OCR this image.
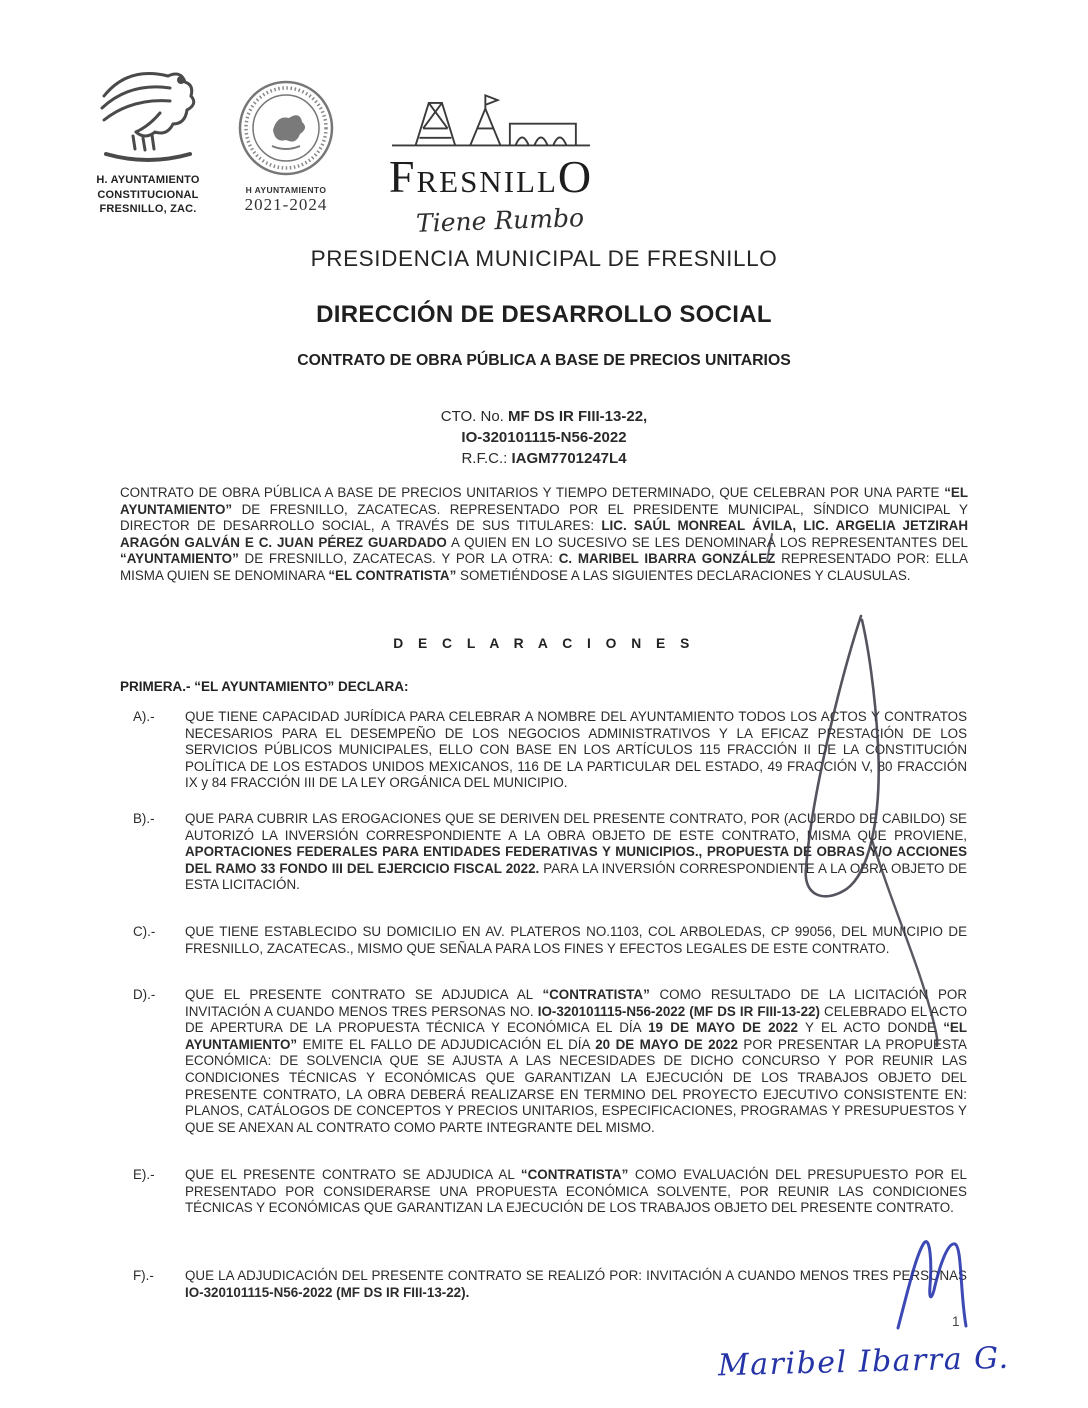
H. AYUNTAMIENTO
CONSTITUCIONAL
FRESNILLO, ZAC.
H AYUNTAMIENTO
2021-2024
FRESNILLO
Tiene Rumbo
PRESIDENCIA MUNICIPAL DE FRESNILLO
DIRECCIÓN DE DESARROLLO SOCIAL
CONTRATO DE OBRA PÚBLICA A BASE DE PRECIOS UNITARIOS
CTO. No. MF DS IR FIII-13-22,
IO-320101115-N56-2022
R.F.C.: IAGM7701247L4
CONTRATO DE OBRA PÚBLICA A BASE DE PRECIOS UNITARIOS Y TIEMPO DETERMINADO, QUE CELEBRAN POR UNA PARTE “EL AYUNTAMIENTO” DE FRESNILLO, ZACATECAS. REPRESENTADO POR EL PRESIDENTE MUNICIPAL, SÍNDICO MUNICIPAL Y DIRECTOR DE DESARROLLO SOCIAL, A TRAVÉS DE SUS TITULARES: LIC. SAÚL MONREAL ÁVILA, LIC. ARGELIA JETZIRAH ARAGÓN GALVÁN E C. JUAN PÉREZ GUARDADO A QUIEN EN LO SUCESIVO SE LES DENOMINARA LOS REPRESENTANTES DEL “AYUNTAMIENTO” DE FRESNILLO, ZACATECAS. Y POR LA OTRA: C. MARIBEL IBARRA GONZÁLEZ REPRESENTADO POR: ELLA MISMA QUIEN SE DENOMINARA “EL CONTRATISTA” SOMETIÉNDOSE A LAS SIGUIENTES DECLARACIONES Y CLAUSULAS.
D E C L A R A C I O N E S
PRIMERA.- “EL AYUNTAMIENTO” DECLARA:
A).-	QUE TIENE CAPACIDAD JURÍDICA PARA CELEBRAR A NOMBRE DEL AYUNTAMIENTO TODOS LOS ACTOS Y CONTRATOS NECESARIOS PARA EL DESEMPEÑO DE LOS NEGOCIOS ADMINISTRATIVOS Y LA EFICAZ PRESTACIÓN DE LOS SERVICIOS PÚBLICOS MUNICIPALES, ELLO CON BASE EN LOS ARTÍCULOS 115 FRACCIÓN II DE LA CONSTITUCIÓN POLÍTICA DE LOS ESTADOS UNIDOS MEXICANOS, 116 DE LA PARTICULAR DEL ESTADO, 49 FRACCIÓN V, 80 FRACCIÓN IX y 84 FRACCIÓN III DE LA LEY ORGÁNICA DEL MUNICIPIO.
B).-	QUE PARA CUBRIR LAS EROGACIONES QUE SE DERIVEN DEL PRESENTE CONTRATO, POR (ACUERDO DE CABILDO) SE AUTORIZÓ LA INVERSIÓN CORRESPONDIENTE A LA OBRA OBJETO DE ESTE CONTRATO, MISMA QUE PROVIENE, APORTACIONES FEDERALES PARA ENTIDADES FEDERATIVAS Y MUNICIPIOS., PROPUESTA DE OBRAS Y/O ACCIONES DEL RAMO 33 FONDO III DEL EJERCICIO FISCAL 2022. PARA LA INVERSIÓN CORRESPONDIENTE A LA OBRA OBJETO DE ESTA LICITACIÓN.
C).-	QUE TIENE ESTABLECIDO SU DOMICILIO EN AV. PLATEROS NO.1103, COL ARBOLEDAS, CP 99056, DEL MUNICIPIO DE FRESNILLO, ZACATECAS., MISMO QUE SEÑALA PARA LOS FINES Y EFECTOS LEGALES DE ESTE CONTRATO.
D).-	QUE EL PRESENTE CONTRATO SE ADJUDICA AL “CONTRATISTA” COMO RESULTADO DE LA LICITACIÓN POR INVITACIÓN A CUANDO MENOS TRES PERSONAS NO. IO-320101115-N56-2022 (MF DS IR FIII-13-22) CELEBRADO EL ACTO DE APERTURA DE LA PROPUESTA TÉCNICA Y ECONÓMICA EL DÍA 19 DE MAYO DE 2022 Y EL ACTO DONDE “EL AYUNTAMIENTO” EMITE EL FALLO DE ADJUDICACIÓN EL DÍA 20 DE MAYO DE 2022 POR PRESENTAR LA PROPUESTA ECONÓMICA: DE SOLVENCIA QUE SE AJUSTA A LAS NECESIDADES DE DICHO CONCURSO Y POR REUNIR LAS CONDICIONES TÉCNICAS Y ECONÓMICAS QUE GARANTIZAN LA EJECUCIÓN DE LOS TRABAJOS OBJETO DEL PRESENTE CONTRATO, LA OBRA DEBERÁ REALIZARSE EN TERMINO DEL PROYECTO EJECUTIVO CONSISTENTE EN: PLANOS, CATÁLOGOS DE CONCEPTOS Y PRECIOS UNITARIOS, ESPECIFICACIONES, PROGRAMAS Y PRESUPUESTOS Y QUE SE ANEXAN AL CONTRATO COMO PARTE INTEGRANTE DEL MISMO.
E).-	QUE EL PRESENTE CONTRATO SE ADJUDICA AL “CONTRATISTA” COMO EVALUACIÓN DEL PRESUPUESTO POR EL PRESENTADO POR CONSIDERARSE UNA PROPUESTA ECONÓMICA SOLVENTE, POR REUNIR LAS CONDICIONES TÉCNICAS Y ECONÓMICAS QUE GARANTIZAN LA EJECUCIÓN DE LOS TRABAJOS OBJETO DEL PRESENTE CONTRATO.
F).-	QUE LA ADJUDICACIÓN DEL PRESENTE CONTRATO SE REALIZÓ POR: INVITACIÓN A CUANDO MENOS TRES PERSONAS IO-320101115-N56-2022 (MF DS IR FIII-13-22).
1
Maribel Ibarra G.
